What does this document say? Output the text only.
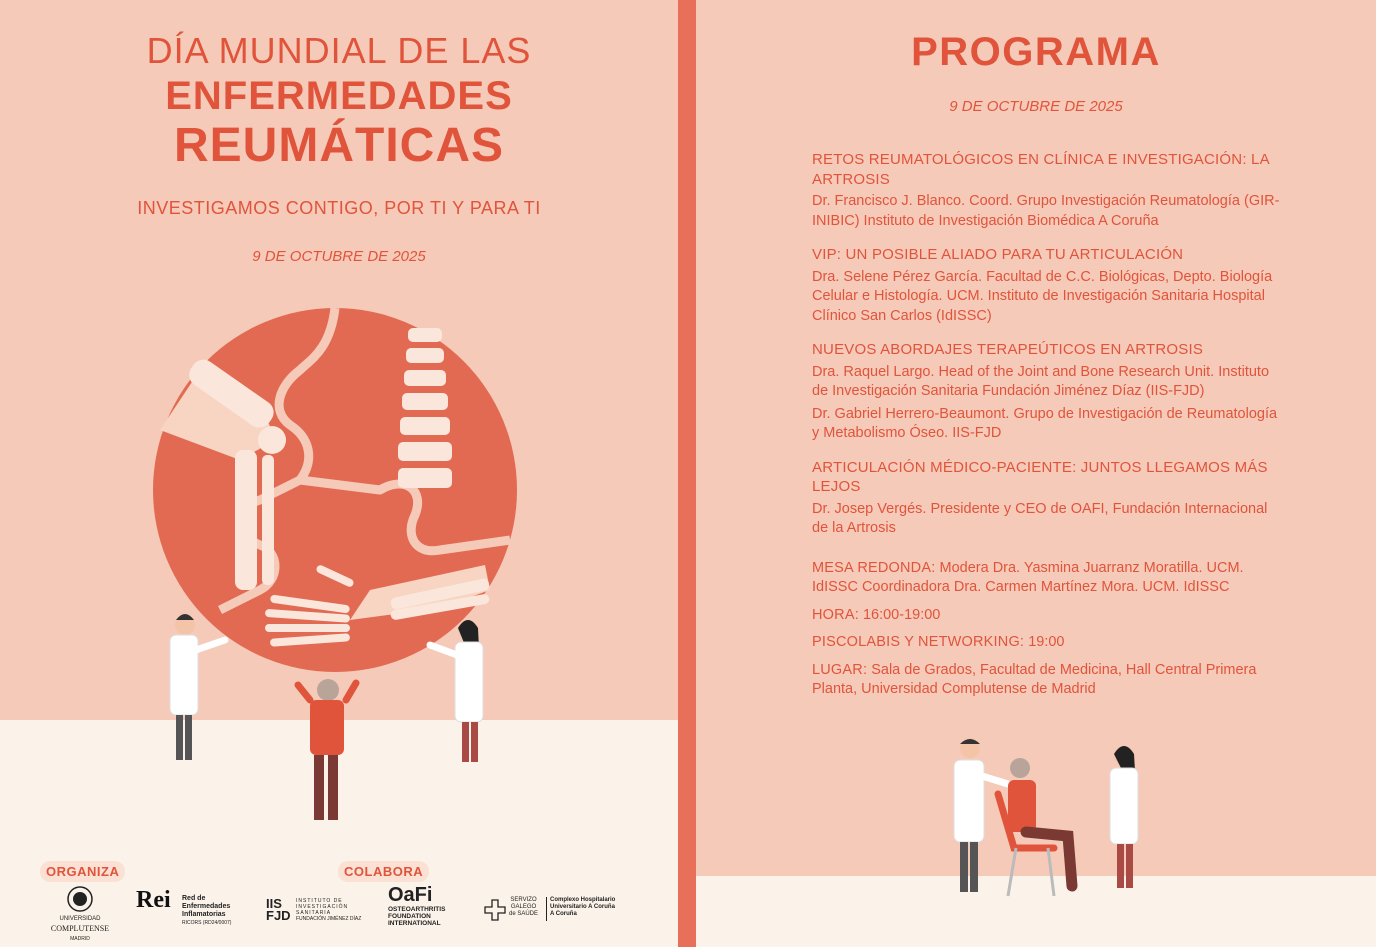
DÍA MUNDIAL DE LAS
ENFERMEDADES
REUMÁTICAS
INVESTIGAMOS CONTIGO, POR TI Y PARA TI
9 DE OCTUBRE DE 2025
ORGANIZA	COLABORA
UNIVERSIDAD
COMPLUTENSE
MADRID
Rei Red de
Enfermedades
Inflamatorias
RICORS (RD24/0007)
IIS
FJD
INSTITUTO DE
INVESTIGACIÓN
SANITARIA
FUNDACIÓN JIMÉNEZ DÍAZ
OaFi
OSTEOARTHRITIS
FOUNDATION
INTERNATIONAL
SERVIZO
GALEGO
de SAÚDE
Complexo Hospitalario
Universitario A Coruña
A Coruña
PROGRAMA
9 DE OCTUBRE DE 2025
RETOS REUMATOLÓGICOS EN CLÍNICA E INVESTIGACIÓN: LA ARTROSIS

Dr. Francisco J. Blanco. Coord. Grupo Investigación Reumatología (GIR-INIBIC) Instituto de Investigación Biomédica A Coruña

VIP: UN POSIBLE ALIADO PARA TU ARTICULACIÓN

Dra. Selene Pérez García. Facultad de C.C. Biológicas, Depto. Biología Celular e Histología. UCM. Instituto de Investigación Sanitaria Hospital Clínico San Carlos (IdISSC)

NUEVOS ABORDAJES TERAPEÚTICOS EN ARTROSIS

Dra. Raquel Largo. Head of the Joint and Bone Research Unit. Instituto de Investigación Sanitaria Fundación Jiménez Díaz (IIS-FJD)

Dr. Gabriel Herrero-Beaumont. Grupo de Investigación de Reumatología y Metabolismo Óseo. IIS-FJD

ARTICULACIÓN MÉDICO-PACIENTE: JUNTOS LLEGAMOS MÁS LEJOS

Dr. Josep Vergés. Presidente y CEO de OAFI, Fundación Internacional de la Artrosis

MESA REDONDA: Modera Dra. Yasmina Juarranz Moratilla. UCM. IdISSC Coordinadora Dra. Carmen Martínez Mora. UCM. IdISSC

HORA: 16:00-19:00

PISCOLABIS Y NETWORKING: 19:00

LUGAR: Sala de Grados, Facultad de Medicina, Hall Central Primera Planta, Universidad Complutense de Madrid
